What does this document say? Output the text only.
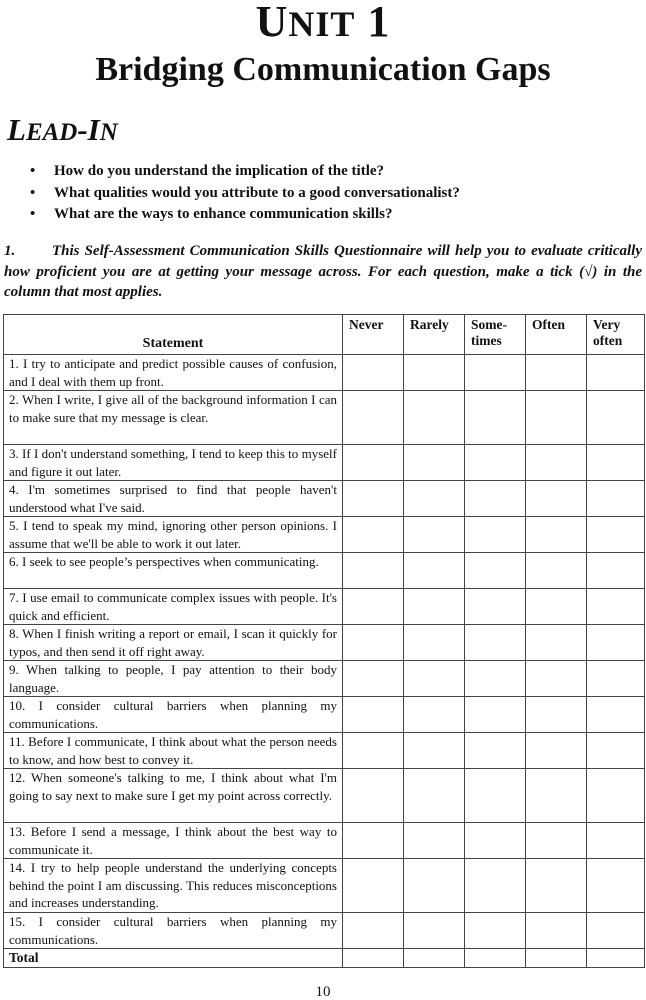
UNIT 1
Bridging Communication Gaps
LEAD-IN
• How do you understand the implication of the title?
• What qualities would you attribute to a good conversationalist?
• What are the ways to enhance communication skills?
1. This Self-Assessment Communication Skills Questionnaire will help you to evaluate critically how proficient you are at getting your message across. For each question, make a tick (√) in the column that most applies.
Statement	Never	Rarely	Some-times	Often	Very often
1. I try to anticipate and predict possible causes of confusion, and I deal with them up front.					
2. When I write, I give all of the background information I can to make sure that my message is clear.					
3. If I don't understand something, I tend to keep this to myself and figure it out later.					
4. I'm sometimes surprised to find that people haven't understood what I've said.					
5. I tend to speak my mind, ignoring other person opinions. I assume that we'll be able to work it out later.					
6. I seek to see people’s perspectives when communicating.					
7. I use email to communicate complex issues with people. It's quick and efficient.					
8. When I finish writing a report or email, I scan it quickly for typos, and then send it off right away.					
9. When talking to people, I pay attention to their body language.					
10. I consider cultural barriers when planning my communications.					
11. Before I communicate, I think about what the person needs to know, and how best to convey it.					
12. When someone's talking to me, I think about what I'm going to say next to make sure I get my point across correctly.					
13. Before I send a message, I think about the best way to communicate it.					
14. I try to help people understand the underlying concepts behind the point I am discussing. This reduces misconceptions and increases understanding.					
15. I consider cultural barriers when planning my communications.					
Total					
10
